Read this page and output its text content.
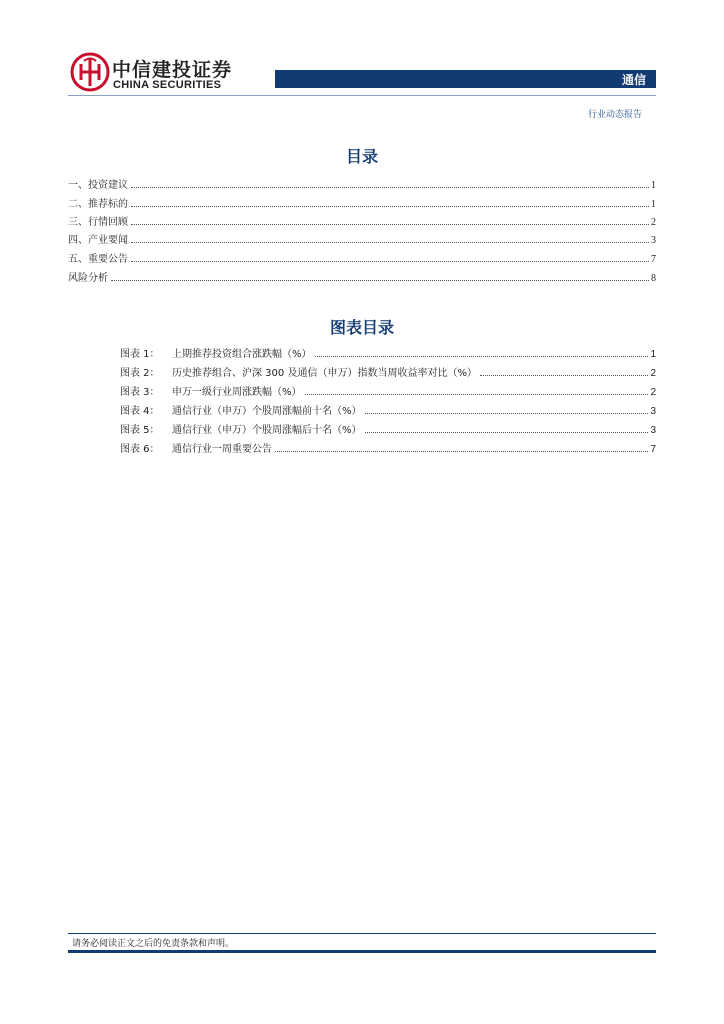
中信建投证券
CHINA SECURITIES	通信
行业动态报告
目录
一、投资建议	1
二、推荐标的	1
三、行情回顾	2
四、产业要闻	3
五、重要公告	7
风险分析	8
图表目录
图表 1：	上期推荐投资组合涨跌幅（%）	1
图表 2：	历史推荐组合、沪深 300 及通信（申万）指数当周收益率对比（%）	2
图表 3：	申万一级行业周涨跌幅（%）	2
图表 4：	通信行业（申万）个股周涨幅前十名（%）	3
图表 5：	通信行业（申万）个股周涨幅后十名（%）	3
图表 6：	通信行业一周重要公告	7
请务必阅读正文之后的免责条款和声明。
